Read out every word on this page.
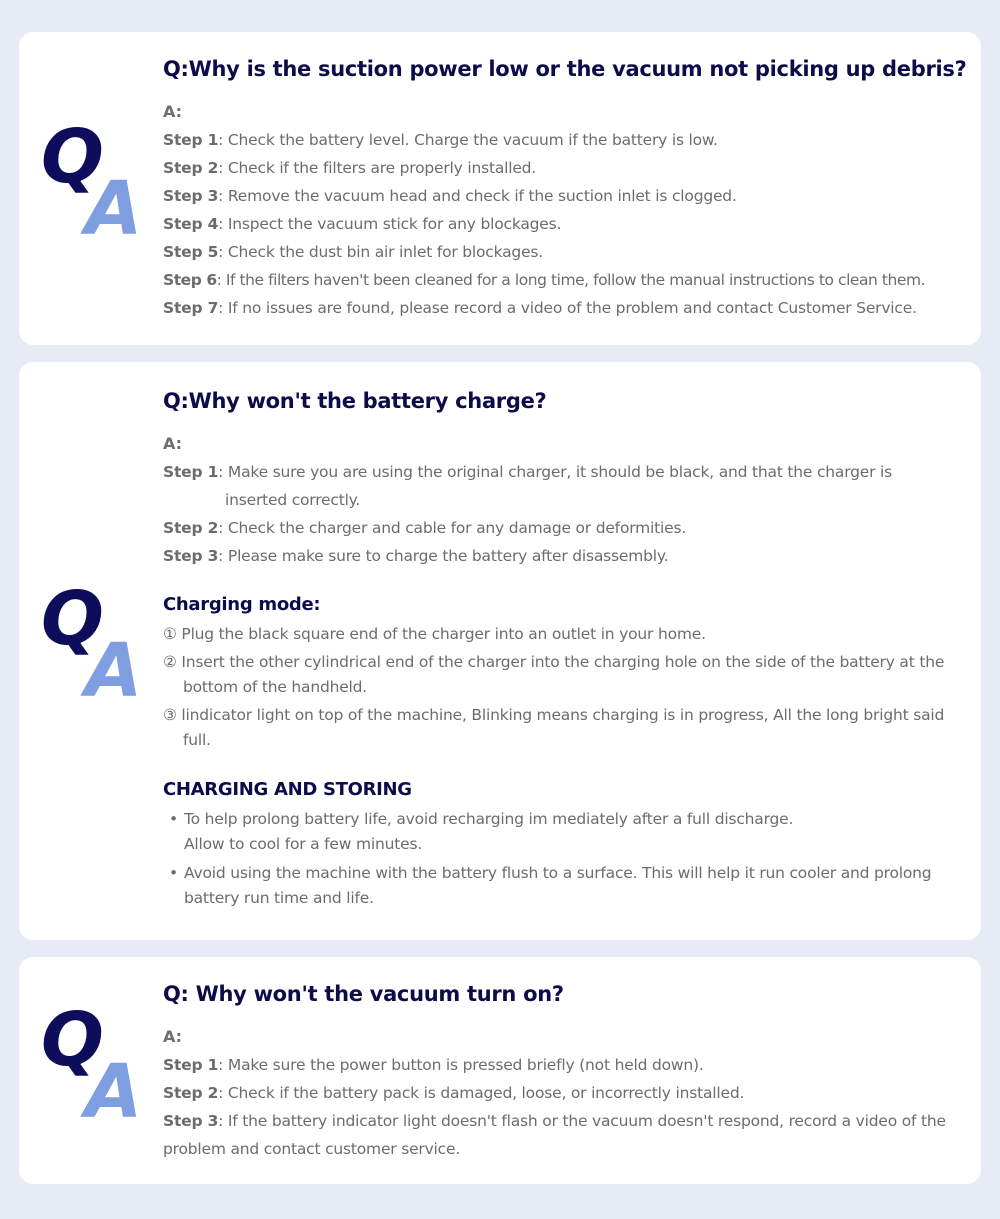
Q
A
Q:Why is the suction power low or the vacuum not picking up debris?
A:
Step 1: Check the battery level. Charge the vacuum if the battery is low.
Step 2: Check if the filters are properly installed.
Step 3: Remove the vacuum head and check if the suction inlet is clogged.
Step 4: Inspect the vacuum stick for any blockages.
Step 5: Check the dust bin air inlet for blockages.
Step 6: If the filters haven't been cleaned for a long time, follow the manual instructions to clean them.
Step 7: If no issues are found, please record a video of the problem and contact Customer Service.
Q
A
Q:Why won't the battery charge?
A:
Step 1: Make sure you are using the original charger, it should be black, and that the charger is inserted correctly.
Step 2: Check the charger and cable for any damage or deformities.
Step 3: Please make sure to charge the battery after disassembly.
Charging mode:
① Plug the black square end of the charger into an outlet in your home.
② Insert the other cylindrical end of the charger into the charging hole on the side of the battery at the bottom of the handheld.
③ lindicator light on top of the machine, Blinking means charging is in progress, All the long bright said full.
CHARGING AND STORING
• To help prolong battery life, avoid recharging im mediately after a full discharge.
Allow to cool for a few minutes.
• Avoid using the machine with the battery flush to a surface. This will help it run cooler and prolong battery run time and life.
Q
A
Q: Why won't the vacuum turn on?
A:
Step 1: Make sure the power button is pressed briefly (not held down).
Step 2: Check if the battery pack is damaged, loose, or incorrectly installed.
Step 3: If the battery indicator light doesn't flash or the vacuum doesn't respond, record a video of the problem and contact customer service.
